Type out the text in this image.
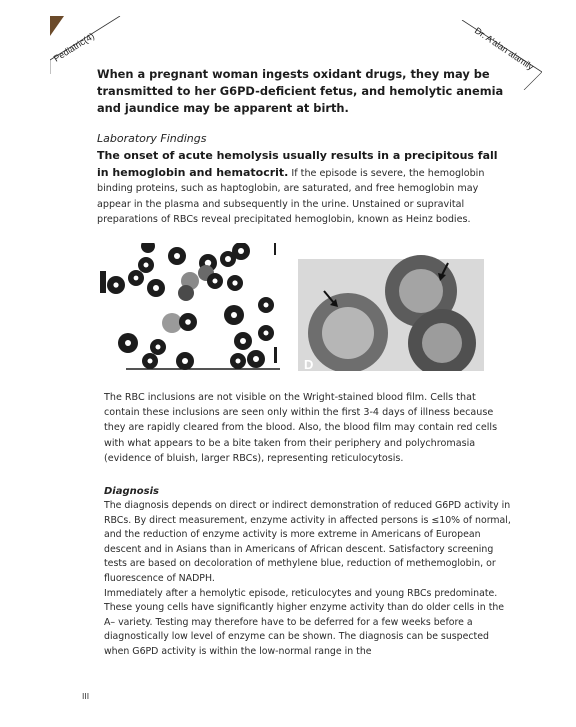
Pediatric(4)	Dr. A'alan alamily

When a pregnant woman ingests oxidant drugs, they may be transmitted to her G6PD-deficient fetus, and hemolytic anemia and jaundice may be apparent at birth.

Laboratory Findings

The onset of acute hemolysis usually results in a precipitous fall in hemoglobin and hematocrit. If the episode is severe, the hemoglobin binding proteins, such as haptoglobin, are saturated, and free hemoglobin may appear in the plasma and subsequently in the urine. Unstained or supravital preparations of RBCs reveal precipitated hemoglobin, known as Heinz bodies.

D

The RBC inclusions are not visible on the Wright-stained blood film. Cells that contain these inclusions are seen only within the first 3-4 days of illness because they are rapidly cleared from the blood. Also, the blood film may contain red cells with what appears to be a bite taken from their periphery and polychromasia (evidence of bluish, larger RBCs), representing reticulocytosis.

Diagnosis

The diagnosis depends on direct or indirect demonstration of reduced G6PD activity in RBCs. By direct measurement, enzyme activity in affected persons is ≤10% of normal, and the reduction of enzyme activity is more extreme in Americans of European descent and in Asians than in Americans of African descent. Satisfactory screening tests are based on decoloration of methylene blue, reduction of methemoglobin, or fluorescence of NADPH.
Immediately after a hemolytic episode, reticulocytes and young RBCs predominate. These young cells have significantly higher enzyme activity than do older cells in the A– variety. Testing may therefore have to be deferred for a few weeks before a diagnostically low level of enzyme can be shown. The diagnosis can be suspected when G6PD activity is within the low-normal range in the
III
